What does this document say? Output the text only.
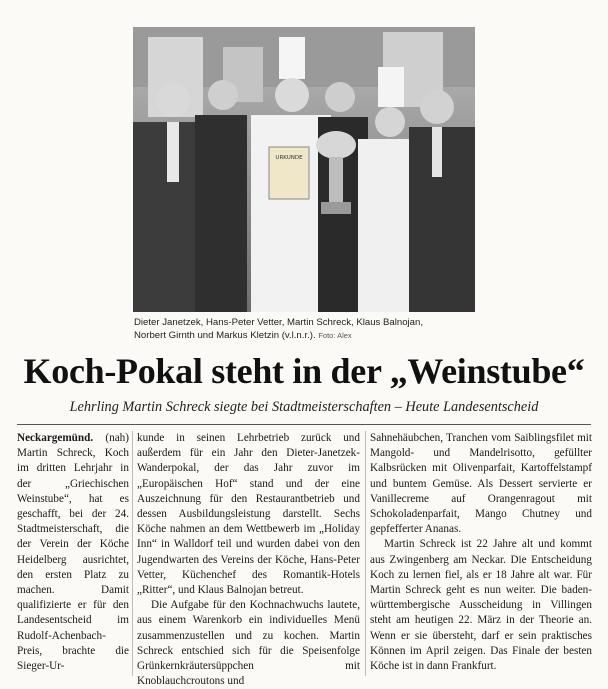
URKUNDE
Dieter Janetzek, Hans-Peter Vetter, Martin Schreck, Klaus Balnojan,
Norbert Girnth und Markus Kletzin (v.l.n.r.). Foto: Alex
Koch-Pokal steht in der „Weinstube“
Lehrling Martin Schreck siegte bei Stadtmeisterschaften – Heute Landesentscheid

Neckargemünd. (nah) Martin Schreck, Koch im dritten Lehrjahr in der „Griechischen Weinstube“, hat es geschafft, bei der 24. Stadtmeisterschaft, die der Verein der Köche Heidelberg ausrichtet, den ersten Platz zu machen. Damit qualifizierte er für den Landesentscheid im Rudolf-Achenbach-Preis, brachte die Sieger-Ur-

kunde in seinen Lehrbetrieb zurück und außerdem für ein Jahr den Dieter-Janetzek-Wanderpokal, der das Jahr zuvor im „Europäischen Hof“ stand und der eine Auszeichnung für den Restaurantbetrieb und dessen Ausbildungsleistung darstellt. Sechs Köche nahmen an dem Wettbewerb im „Holiday Inn“ in Walldorf teil und wurden dabei von den Jugendwarten des Vereins der Köche, Hans-Peter Vetter, Küchenchef des Romantik-Hotels „Ritter“, und Klaus Balnojan betreut.

Die Aufgabe für den Kochnachwuchs lautete, aus einem Warenkorb ein individuelles Menü zusammenzustellen und zu kochen. Martin Schreck entschied sich für die Speisenfolge Grünkernkräutersüppchen mit Knoblauchcroutons und

Sahnehäubchen, Tranchen vom Saiblingsfilet mit Mangold- und Mandelrisotto, gefüllter Kalbsrücken mit Olivenparfait, Kartoffelstampf und buntem Gemüse. Als Dessert servierte er Vanillecreme auf Orangenragout mit Schokoladenparfait, Mango Chutney und gepfefferter Ananas.

Martin Schreck ist 22 Jahre alt und kommt aus Zwingenberg am Neckar. Die Entscheidung Koch zu lernen fiel, als er 18 Jahre alt war. Für Martin Schreck geht es nun weiter. Die baden-württembergische Ausscheidung in Villingen steht am heutigen 22. März in der Theorie an. Wenn er sie übersteht, darf er sein praktisches Können im April zeigen. Das Finale der besten Köche ist in dann Frankfurt.
